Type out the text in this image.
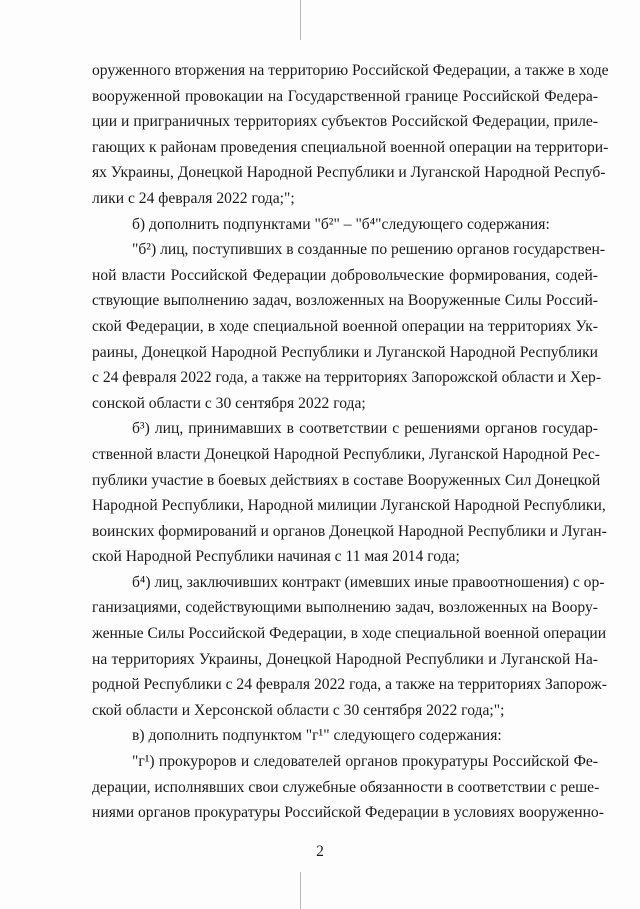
оруженного вторжения на территорию Российской Федерации, а также в ходе
вооруженной провокации на Государственной границе Российской Федера-
ции и приграничных территориях субъектов Российской Федерации, приле-
гающих к районам проведения специальной военной операции на территори-
ях Украины, Донецкой Народной Республики и Луганской Народной Респуб-
лики с 24 февраля 2022 года;";
б) дополнить подпунктами "б²" – "б⁴"следующего содержания:
"б²) лиц, поступивших в созданные по решению органов государствен-
ной власти Российской Федерации добровольческие формирования, содей-
ствующие выполнению задач, возложенных на Вооруженные Силы Россий-
ской Федерации, в ходе специальной военной операции на территориях Ук-
раины, Донецкой Народной Республики и Луганской Народной Республики
с 24 февраля 2022 года, а также на территориях Запорожской области и Хер-
сонской области с 30 сентября 2022 года;
б³) лиц, принимавших в соответствии с решениями органов государ-
ственной власти Донецкой Народной Республики, Луганской Народной Рес-
публики участие в боевых действиях в составе Вооруженных Сил Донецкой
Народной Республики, Народной милиции Луганской Народной Республики,
воинских формирований и органов Донецкой Народной Республики и Луган-
ской Народной Республики начиная с 11 мая 2014 года;
б⁴) лиц, заключивших контракт (имевших иные правоотношения) с ор-
ганизациями, содействующими выполнению задач, возложенных на Воору-
женные Силы Российской Федерации, в ходе специальной военной операции
на территориях Украины, Донецкой Народной Республики и Луганской На-
родной Республики с 24 февраля 2022 года, а также на территориях Запорож-
ской области и Херсонской области с 30 сентября 2022 года;";
в) дополнить подпунктом "г¹" следующего содержания:
"г¹) прокуроров и следователей органов прокуратуры Российской Фе-
дерации, исполнявших свои служебные обязанности в соответствии с реше-
ниями органов прокуратуры Российской Федерации в условиях вооруженно-
2
